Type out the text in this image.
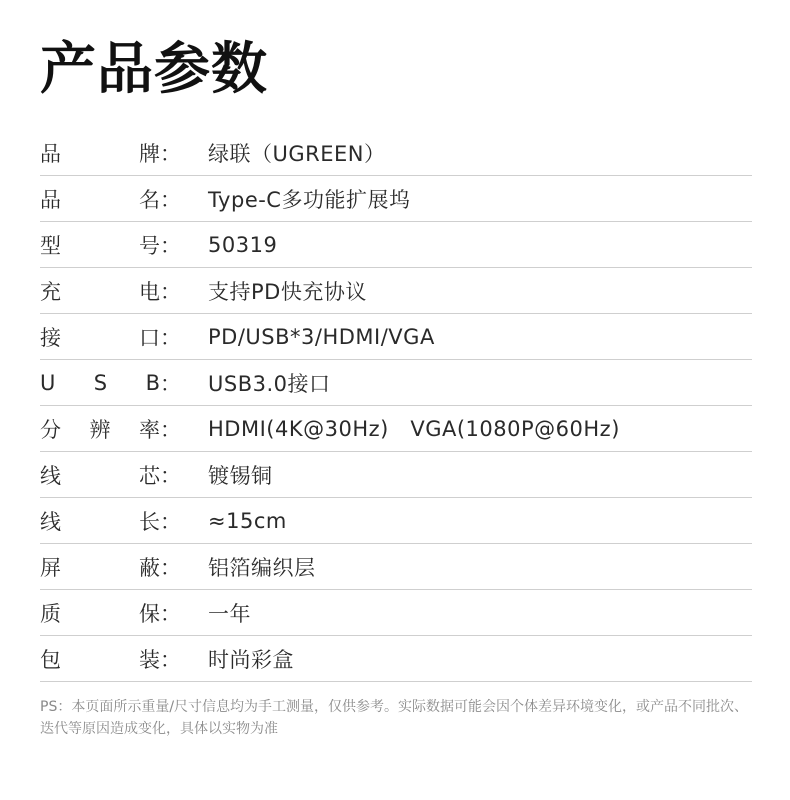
产品参数
品	牌 ： 绿联（UGREEN）
品	名 ： Type-C多功能扩展坞
型	号 ： 50319
充	电 ： 支持PD快充协议
接	口 ： PD/USB*3/HDMI/VGA
U S B ： USB3.0接口
分 辨 率 ： HDMI(4K@30Hz)   VGA(1080P@60Hz)
线	芯 ： 镀锡铜
线	长 ： ≈15cm
屏	蔽 ： 铝箔编织层
质	保 ： 一年
包	装 ： 时尚彩盒
PS：本页面所示重量/尺寸信息均为手工测量，仅供参考。实际数据可能会因个体差异环境变化，或产品不同批次、迭代等原因造成变化，具体以实物为准
